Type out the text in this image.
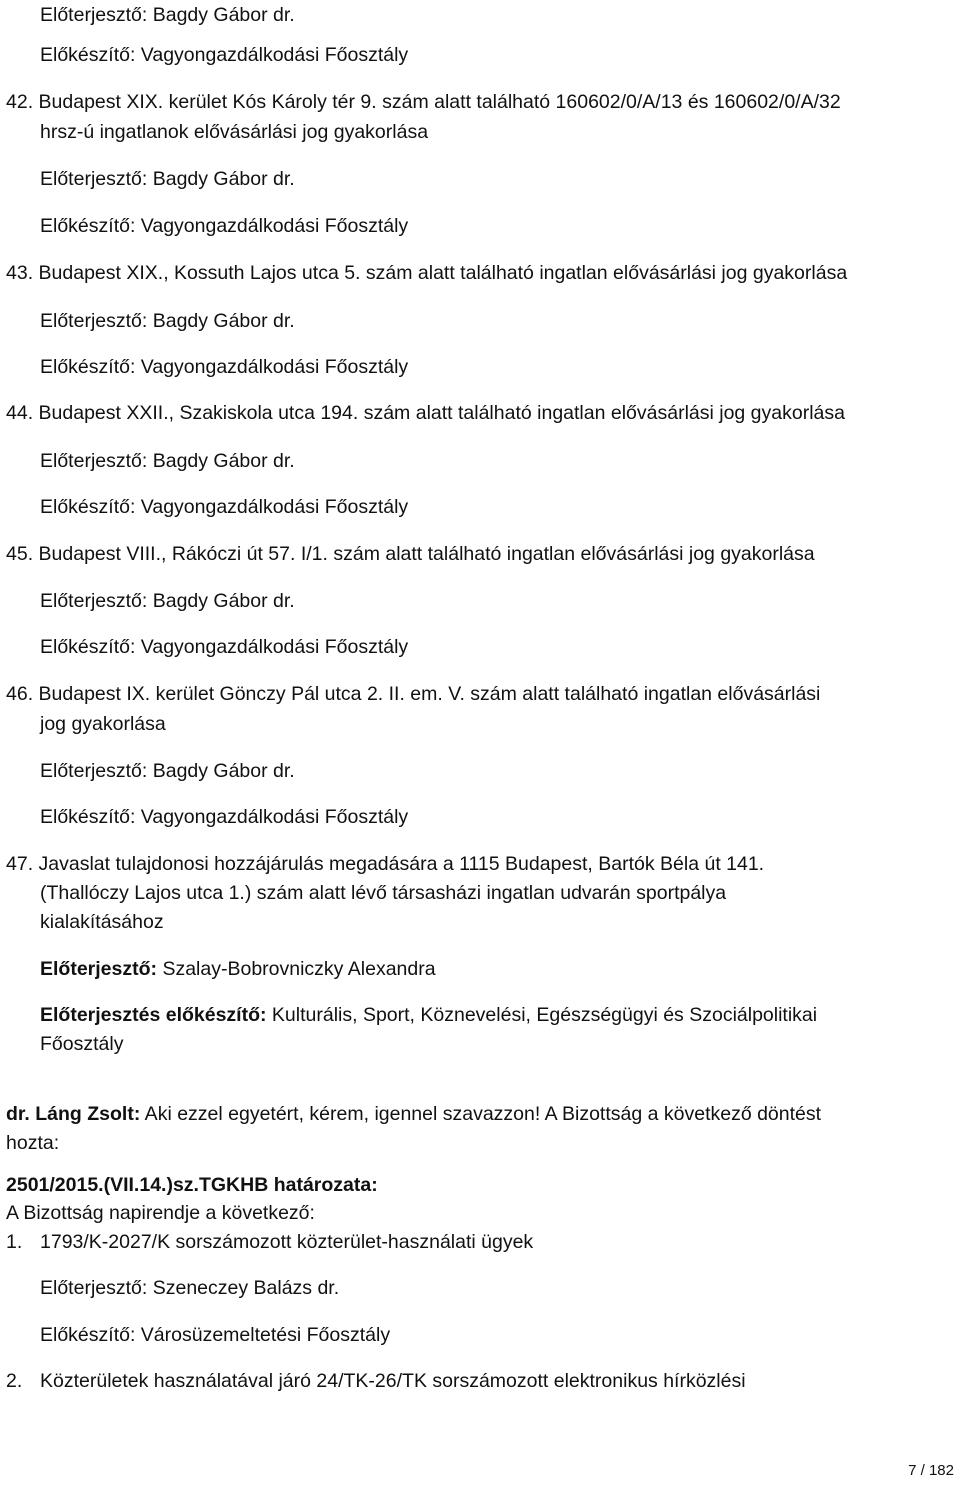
Előterjesztő: Bagdy Gábor dr.
Előkészítő: Vagyongazdálkodási Főosztály
42. Budapest XIX. kerület Kós Károly tér 9. szám alatt található 160602/0/A/13 és 160602/0/A/32
hrsz-ú ingatlanok elővásárlási jog gyakorlása
Előterjesztő: Bagdy Gábor dr.
Előkészítő: Vagyongazdálkodási Főosztály
43. Budapest XIX., Kossuth Lajos utca 5. szám alatt található ingatlan elővásárlási jog gyakorlása
Előterjesztő: Bagdy Gábor dr.
Előkészítő: Vagyongazdálkodási Főosztály
44. Budapest XXII., Szakiskola utca 194. szám alatt található ingatlan elővásárlási jog gyakorlása
Előterjesztő: Bagdy Gábor dr.
Előkészítő: Vagyongazdálkodási Főosztály
45. Budapest VIII., Rákóczi út 57. I/1. szám alatt található ingatlan elővásárlási jog gyakorlása
Előterjesztő: Bagdy Gábor dr.
Előkészítő: Vagyongazdálkodási Főosztály
46. Budapest IX. kerület Gönczy Pál utca 2. II. em. V. szám alatt található ingatlan elővásárlási
jog gyakorlása
Előterjesztő: Bagdy Gábor dr.
Előkészítő: Vagyongazdálkodási Főosztály
47. Javaslat tulajdonosi hozzájárulás megadására a 1115 Budapest, Bartók Béla út 141.
(Thallóczy Lajos utca 1.) szám alatt lévő társasházi ingatlan udvarán sportpálya
kialakításához
Előterjesztő: Szalay-Bobrovniczky Alexandra
Előterjesztés előkészítő: Kulturális, Sport, Köznevelési, Egészségügyi és Szociálpolitikai
Főosztály
dr. Láng Zsolt: Aki ezzel egyetért, kérem, igennel szavazzon! A Bizottság a következő döntést
hozta:
2501/2015.(VII.14.)sz.TGKHB határozata:
A Bizottság napirendje a következő:
1. 1793/K-2027/K sorszámozott közterület-használati ügyek
Előterjesztő: Szeneczey Balázs dr.
Előkészítő: Városüzemeltetési Főosztály
2. Közterületek használatával járó 24/TK-26/TK sorszámozott elektronikus hírközlési
7 / 182
